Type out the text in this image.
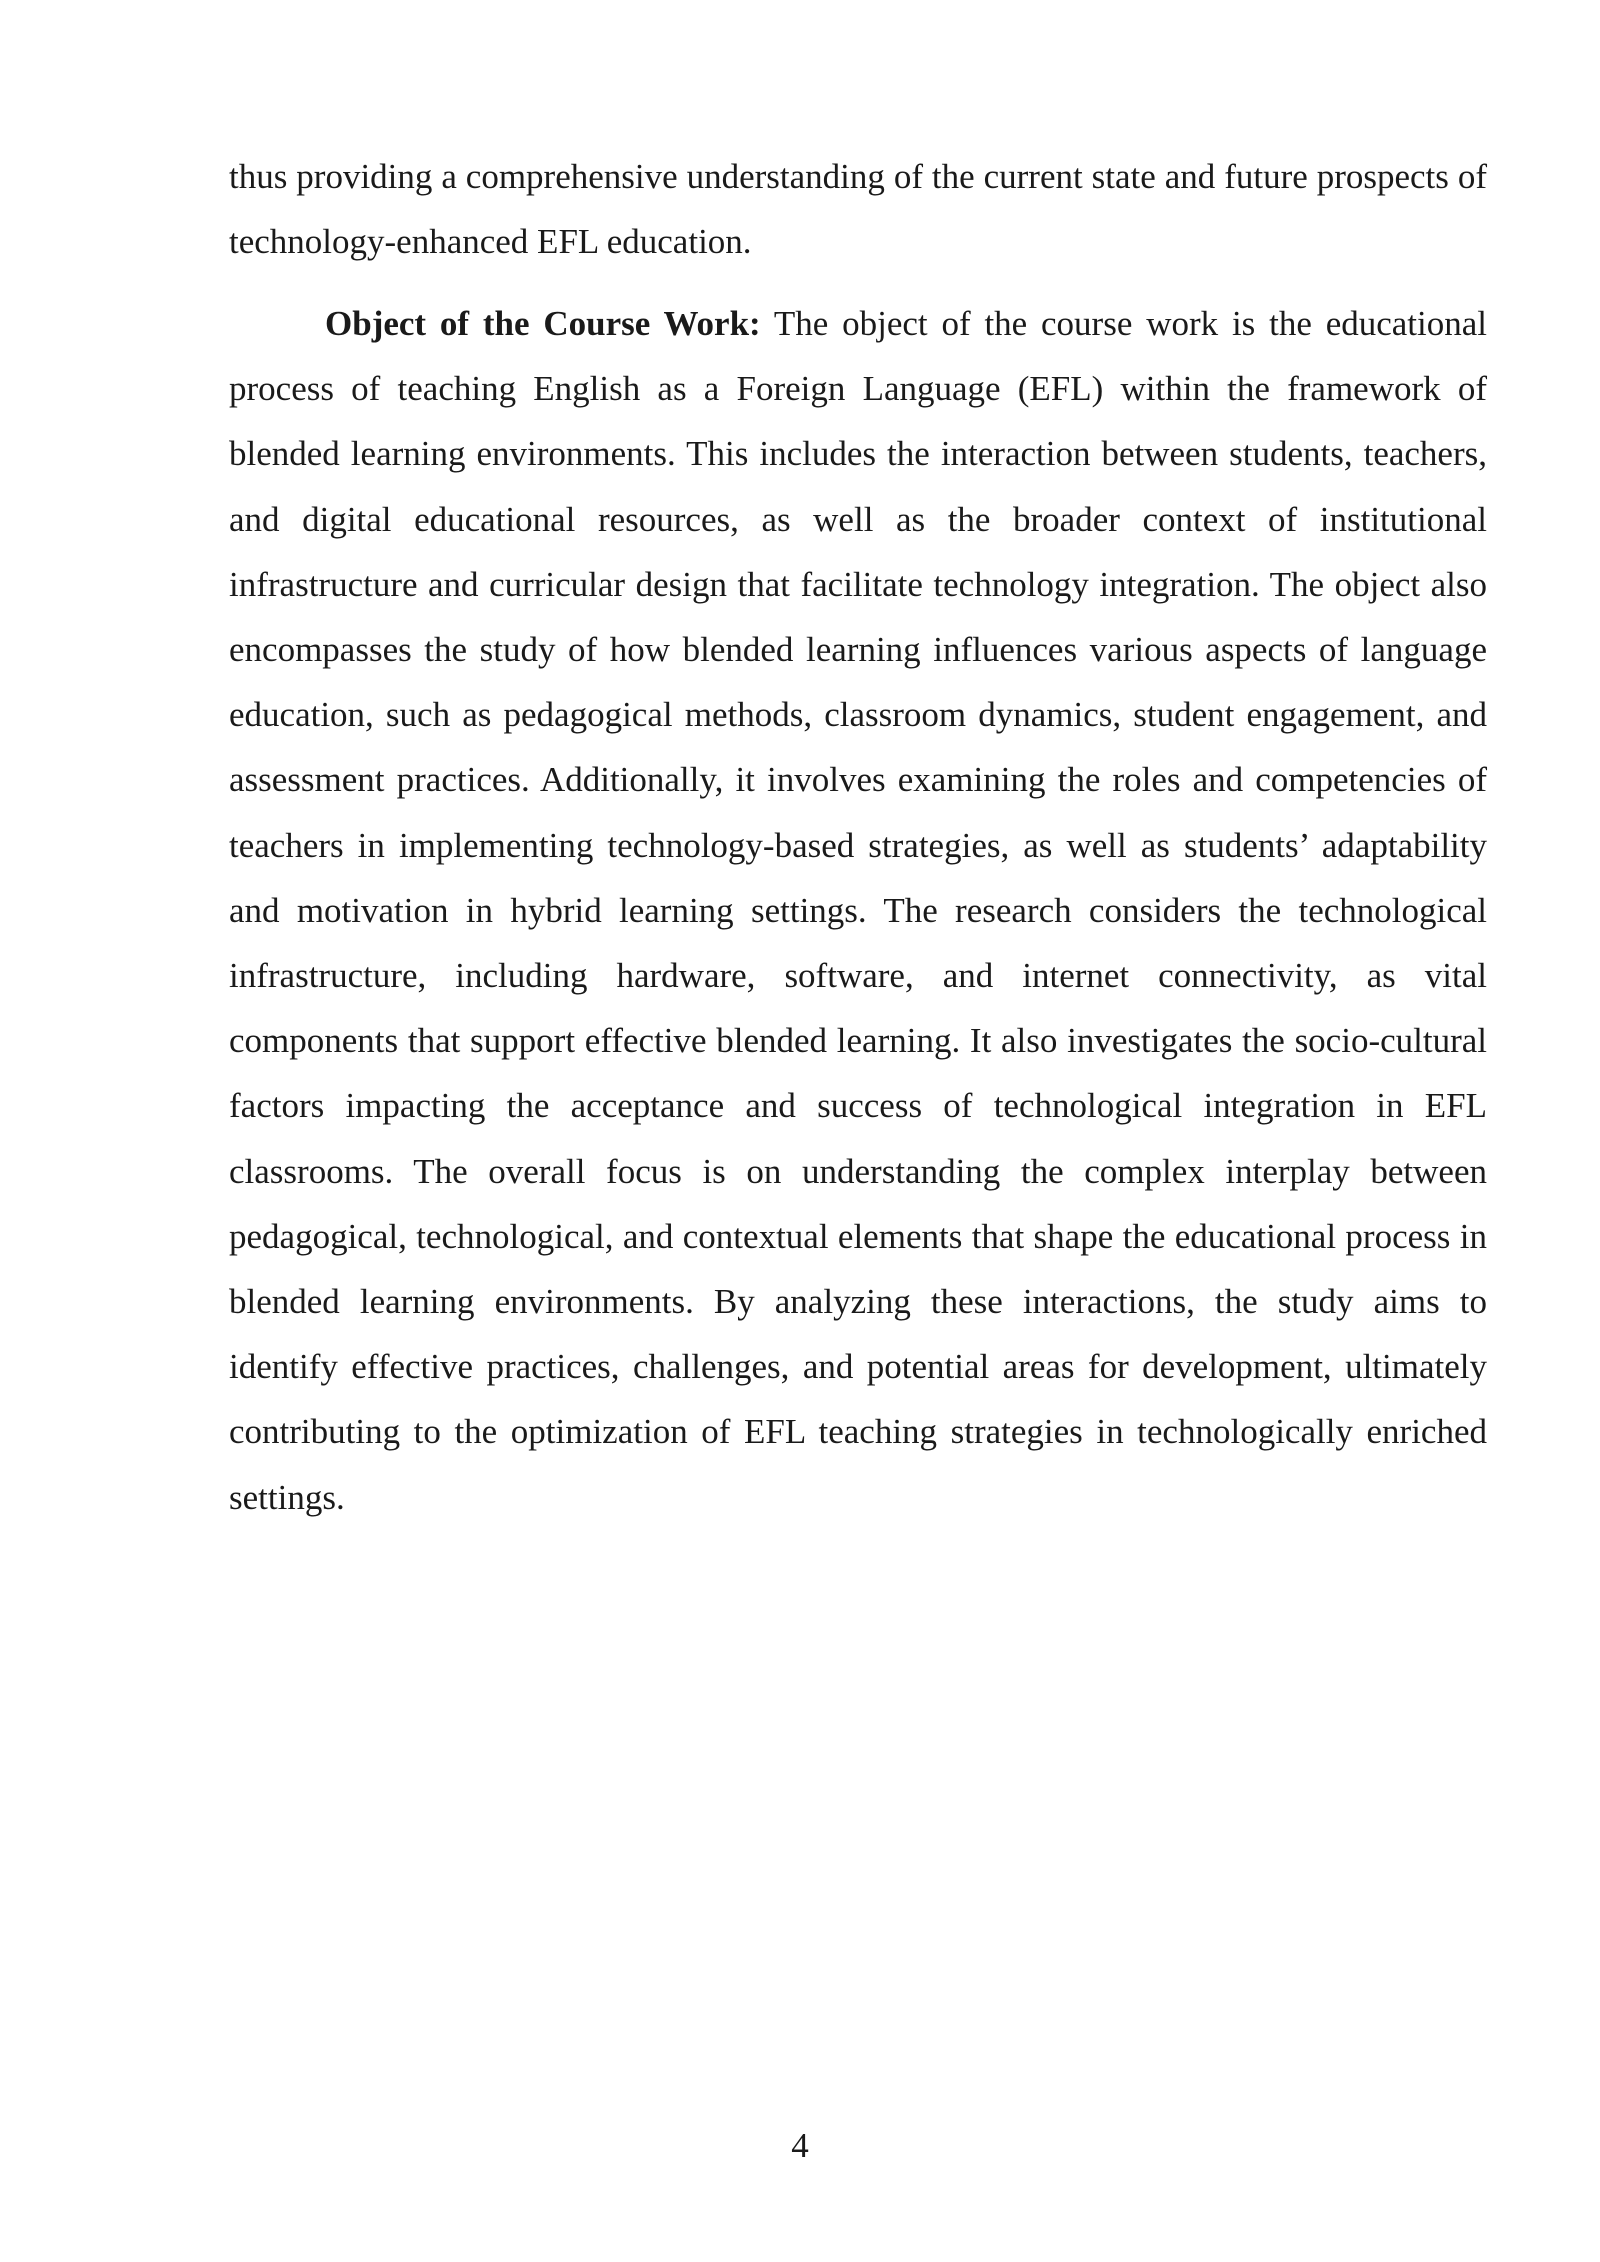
thus providing a comprehensive understanding of the current state and future prospects of technology-enhanced EFL education.

Object of the Course Work: The object of the course work is the educational process of teaching English as a Foreign Language (EFL) within the framework of blended learning environments. This includes the interaction between students, teachers, and digital educational resources, as well as the broader context of institutional infrastructure and curricular design that facilitate technology integration. The object also encompasses the study of how blended learning influences various aspects of language education, such as pedagogical methods, classroom dynamics, student engagement, and assessment practices. Additionally, it involves examining the roles and competencies of teachers in implementing technology-based strategies, as well as students’ adaptability and motivation in hybrid learning settings. The research considers the technological infrastructure, including hardware, software, and internet connectivity, as vital components that support effective blended learning. It also investigates the socio-cultural factors impacting the acceptance and success of technological integration in EFL classrooms. The overall focus is on understanding the complex interplay between pedagogical, technological, and contextual elements that shape the educational process in blended learning environments. By analyzing these interactions, the study aims to identify effective practices, challenges, and potential areas for development, ultimately contributing to the optimization of EFL teaching strategies in technologically enriched settings.

4
